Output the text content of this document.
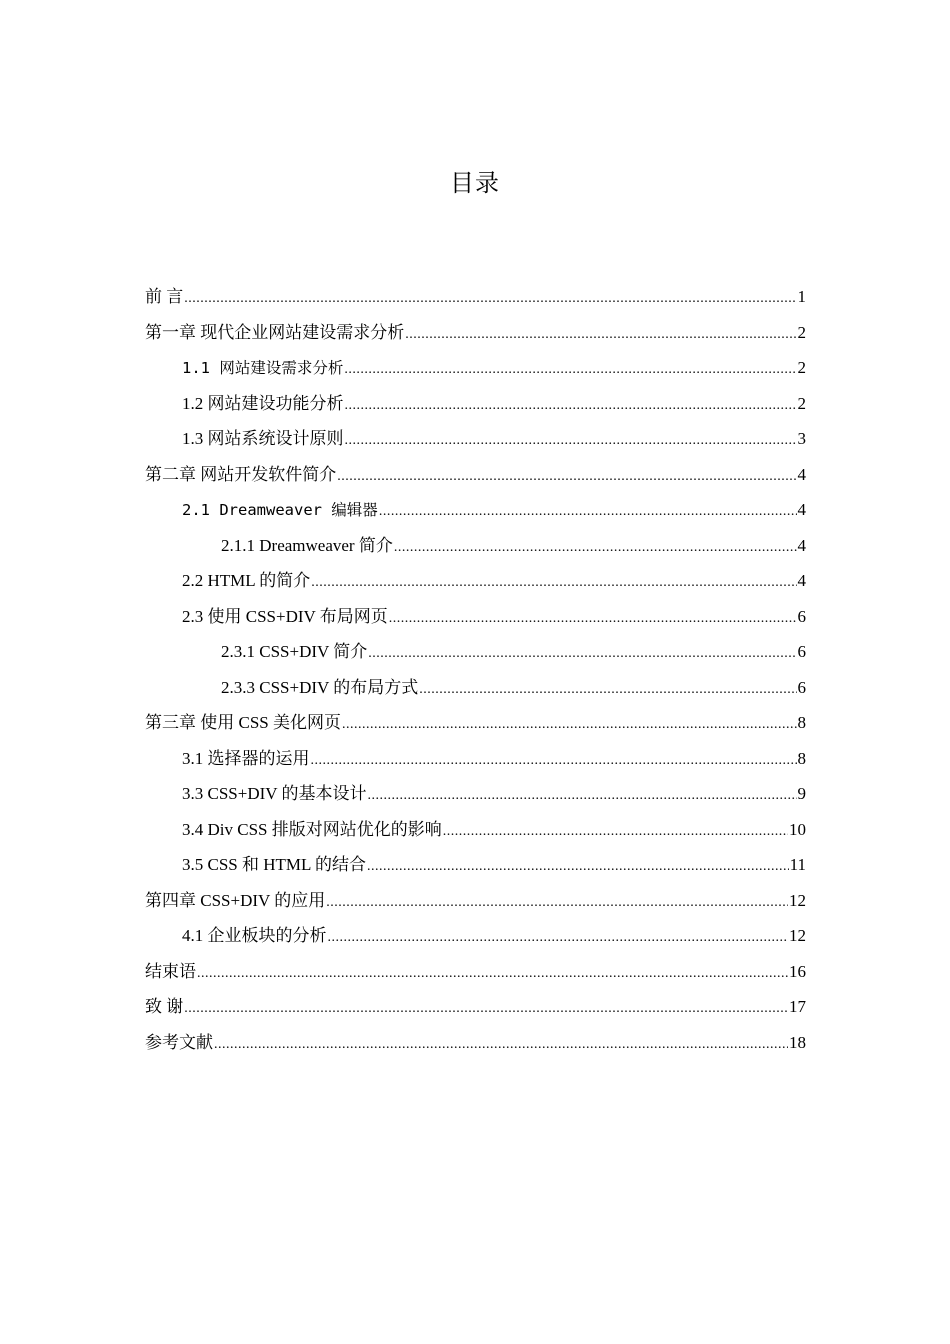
目录
前 言 .....	1
第一章 现代企业网站建设需求分析 .....	2
1.1 网站建设需求分析 .....	2
1.2 网站建设功能分析 .....	2
1.3 网站系统设计原则 .....	3
第二章 网站开发软件简介 .....	4
2.1 Dreamweaver 编辑器 .....	4
2.1.1 Dreamweaver 简介 .....	4
2.2 HTML 的简介 .....	4
2.3 使用 CSS+DIV 布局网页 .....	6
2.3.1 CSS+DIV 简介 .....	6
2.3.3 CSS+DIV 的布局方式 .....	6
第三章 使用 CSS 美化网页 .....	8
3.1 选择器的运用 .....	8
3.3 CSS+DIV 的基本设计 .....	9
3.4 Div CSS 排版对网站优化的影响 .....	10
3.5 CSS 和 HTML 的结合 .....	11
第四章 CSS+DIV 的应用 .....	12
4.1 企业板块的分析 .....	12
结束语 .....	16
致 谢 .....	17
参考文献 .....	18
